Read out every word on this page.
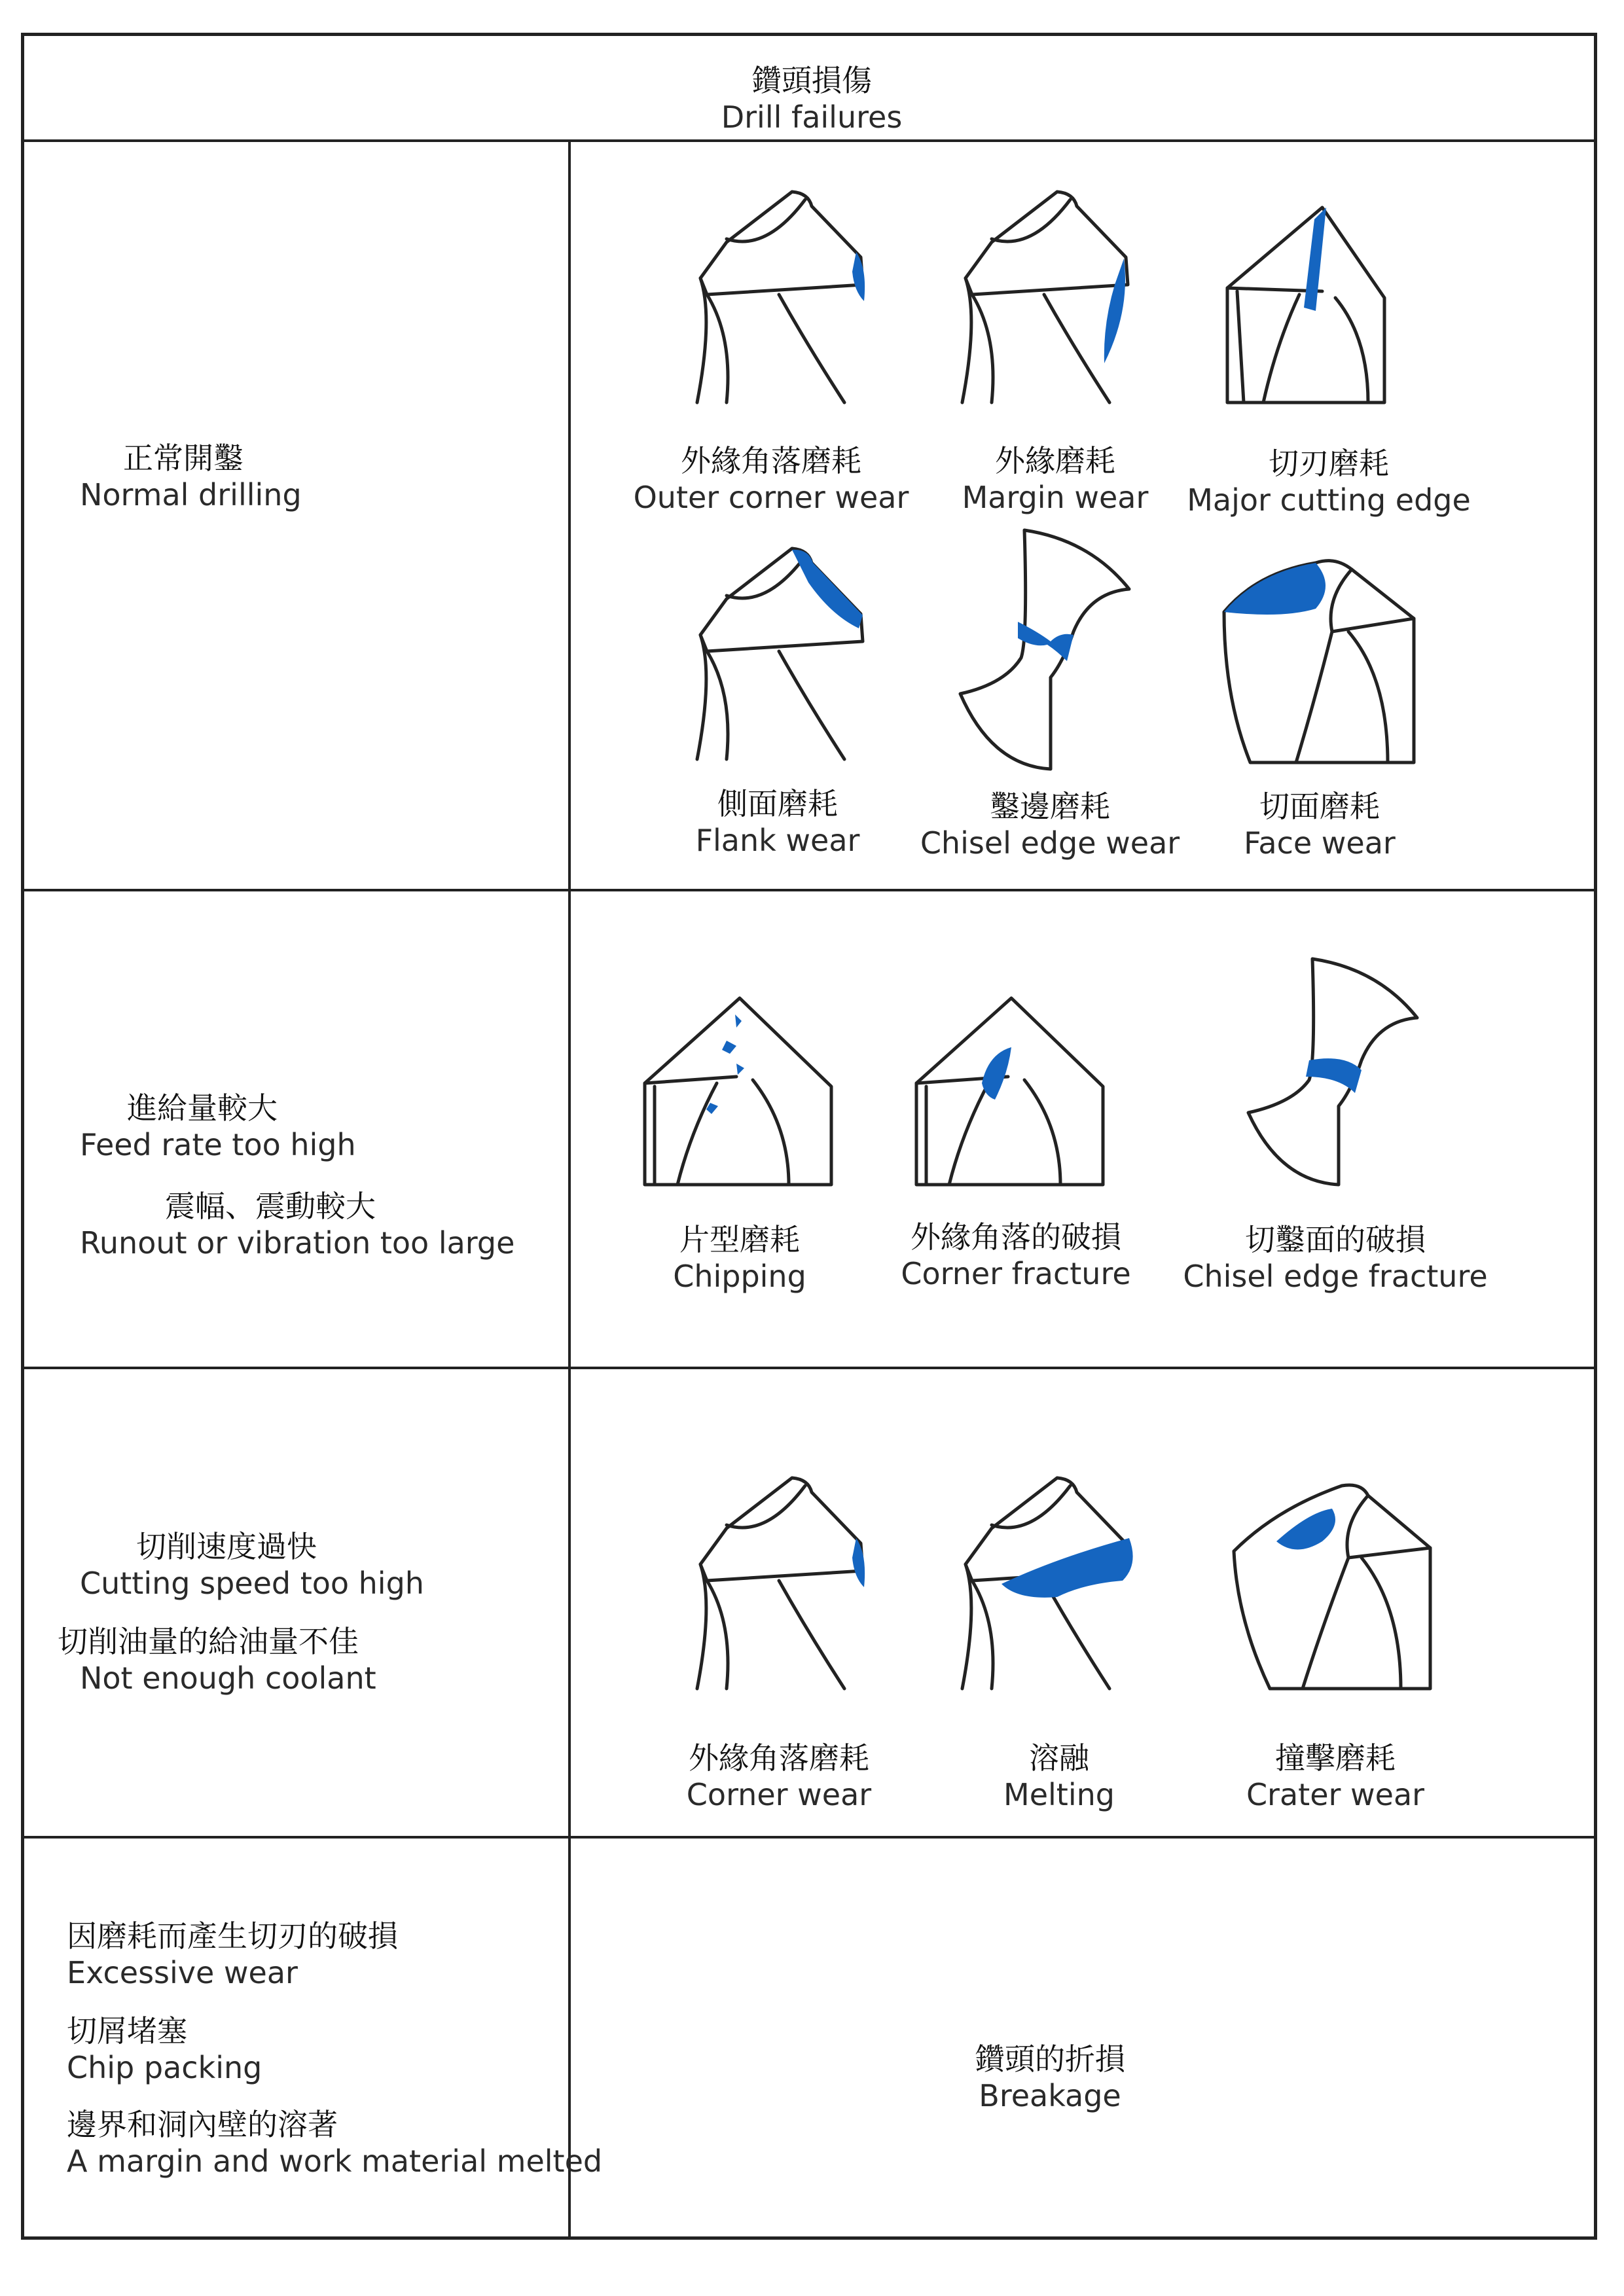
鑽頭損傷
Drill failures
正常開鑿
Normal drilling
外緣角落磨耗
Outer corner wear
外緣磨耗
Margin wear
切刃磨耗
Major cutting edge
側面磨耗
Flank wear
鑿邊磨耗
Chisel edge wear
切面磨耗
Face wear
進給量較大
Feed rate too high
震幅、震動較大
Runout or vibration too large	片型磨耗
Chipping
外緣角落的破損
Corner fracture
切鑿面的破損
Chisel edge fracture
切削速度過快
Cutting speed too high
切削油量的給油量不佳
Not enough coolant
外緣角落磨耗
Corner wear
溶融
Melting
撞擊磨耗
Crater wear
因磨耗而產生切刃的破損
Excessive wear
切屑堵塞
Chip packing
邊界和洞內壁的溶著
A margin and work material melted
鑽頭的折損
Breakage
